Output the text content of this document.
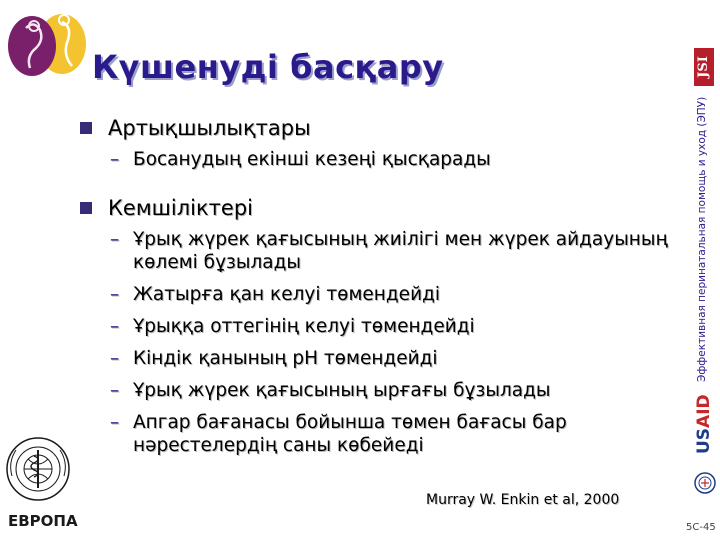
Күшенуді басқару
Артықшылықтары
– Босанудың екінші кезеңі қысқарады
Кемшіліктері
– Ұрық жүрек қағысының жиілігі мен жүрек айдауының көлемі бұзылады
– Жатырға қан келуі төмендейді
– Ұрыққа оттегінің келуі төмендейді
– Кіндік қанының рН төмендейді
– Ұрық жүрек қағысының ырғағы бұзылады
– Апгар бағанасы бойынша төмен бағасы бар нәрестелердің саны көбейеді
Murray W. Enkin et al, 2000
5C-45
Эффективная перинатальная помощь и уход (ЭПУ)
JSI
USAID
ЕВРОПА
